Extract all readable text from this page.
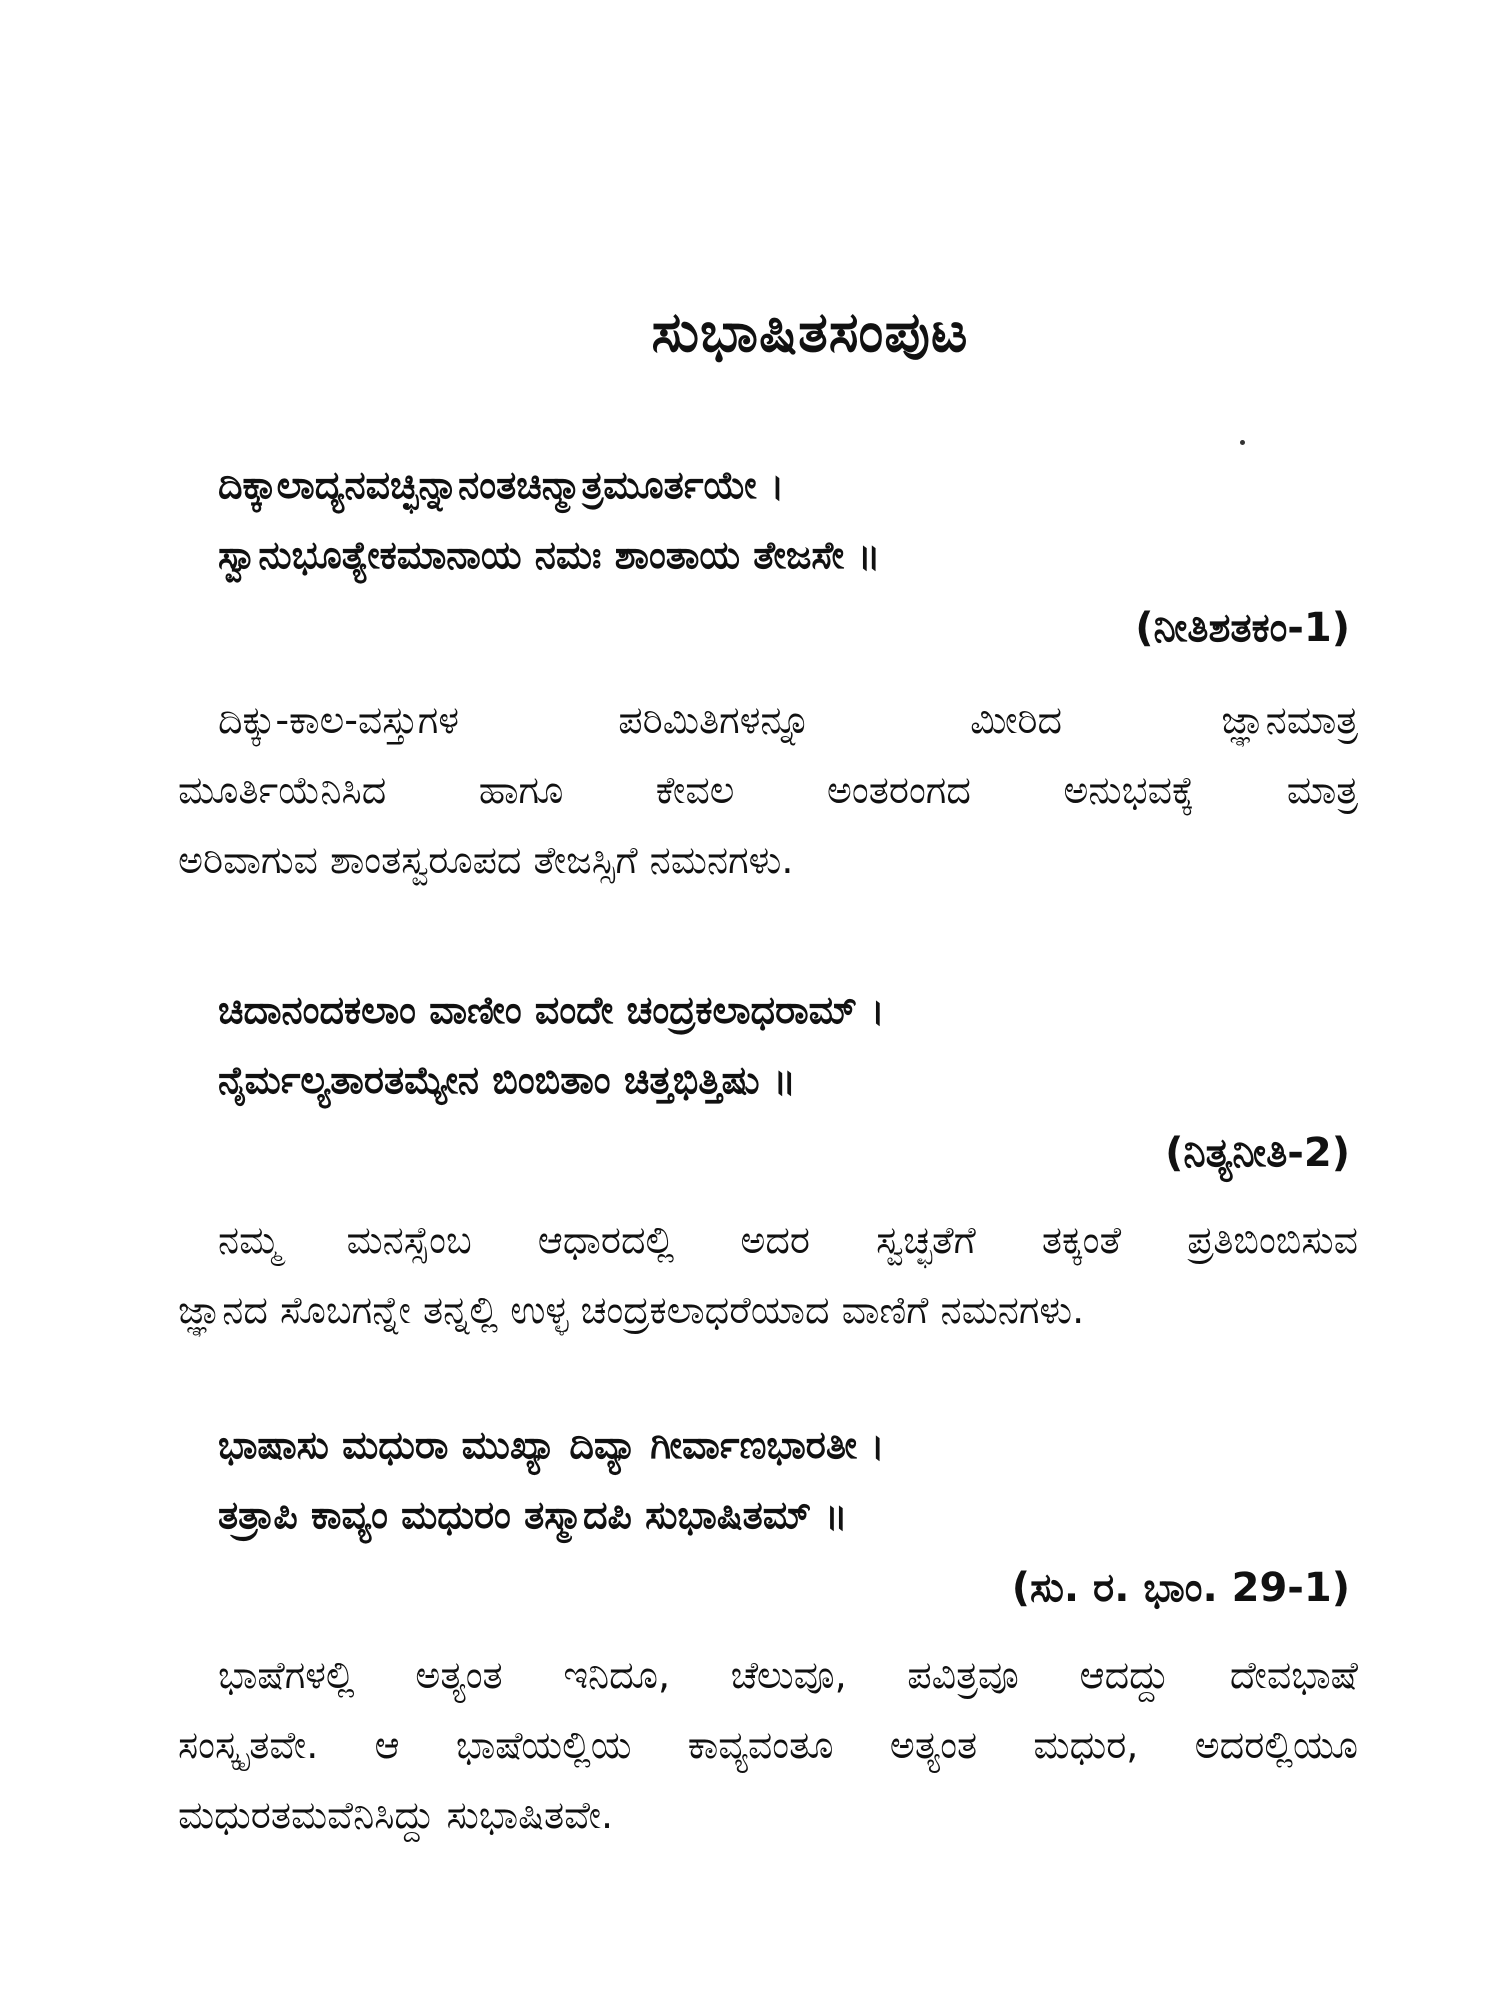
ಸುಭಾಷಿತಸಂಪುಟ
ದಿಕ್ಕಾಲಾದ್ಯನವಚ್ಛಿನ್ನಾನಂತಚಿನ್ಮಾತ್ರಮೂರ್ತಯೇ ।
ಸ್ವಾನುಭೂತ್ಯೇಕಮಾನಾಯ ನಮಃ ಶಾಂತಾಯ ತೇಜಸೇ ॥
(ನೀತಿಶತಕಂ-1)
ದಿಕ್ಕು-ಕಾಲ-ವಸ್ತುಗಳ ಪರಿಮಿತಿಗಳನ್ನೂ ಮೀರಿದ ಜ್ಞಾನಮಾತ್ರ
ಮೂರ್ತಿಯೆನಿಸಿದ ಹಾಗೂ ಕೇವಲ ಅಂತರಂಗದ ಅನುಭವಕ್ಕೆ ಮಾತ್ರ
ಅರಿವಾಗುವ ಶಾಂತಸ್ವರೂಪದ ತೇಜಸ್ಸಿಗೆ ನಮನಗಳು.
ಚಿದಾನಂದಕಲಾಂ ವಾಣೀಂ ವಂದೇ ಚಂದ್ರಕಲಾಧರಾಮ್ ।
ನೈರ್ಮಲ್ಯತಾರತಮ್ಯೇನ ಬಿಂಬಿತಾಂ ಚಿತ್ತಭಿತ್ತಿಷು ॥
(ನಿತ್ಯನೀತಿ-2)
ನಮ್ಮ ಮನಸ್ಸೆಂಬ ಆಧಾರದಲ್ಲಿ ಅದರ ಸ್ವಚ್ಛತೆಗೆ ತಕ್ಕಂತೆ ಪ್ರತಿಬಿಂಬಿಸುವ
ಜ್ಞಾನದ ಸೊಬಗನ್ನೇ ತನ್ನಲ್ಲಿ ಉಳ್ಳ ಚಂದ್ರಕಲಾಧರೆಯಾದ ವಾಣಿಗೆ ನಮನಗಳು.
ಭಾಷಾಸು ಮಧುರಾ ಮುಖ್ಯಾ ದಿವ್ಯಾ ಗೀರ್ವಾಣಭಾರತೀ ।
ತತ್ರಾಪಿ ಕಾವ್ಯಂ ಮಧುರಂ ತಸ್ಮಾದಪಿ ಸುಭಾಷಿತಮ್ ॥
(ಸು. ರ. ಭಾಂ. 29-1)
ಭಾಷೆಗಳಲ್ಲಿ ಅತ್ಯಂತ ಇನಿದೂ, ಚೆಲುವೂ, ಪವಿತ್ರವೂ ಆದದ್ದು ದೇವಭಾಷೆ
ಸಂಸ್ಕೃತವೇ. ಆ ಭಾಷೆಯಲ್ಲಿಯ ಕಾವ್ಯವಂತೂ ಅತ್ಯಂತ ಮಧುರ, ಅದರಲ್ಲಿಯೂ
ಮಧುರತಮವೆನಿಸಿದ್ದು ಸುಭಾಷಿತವೇ.
